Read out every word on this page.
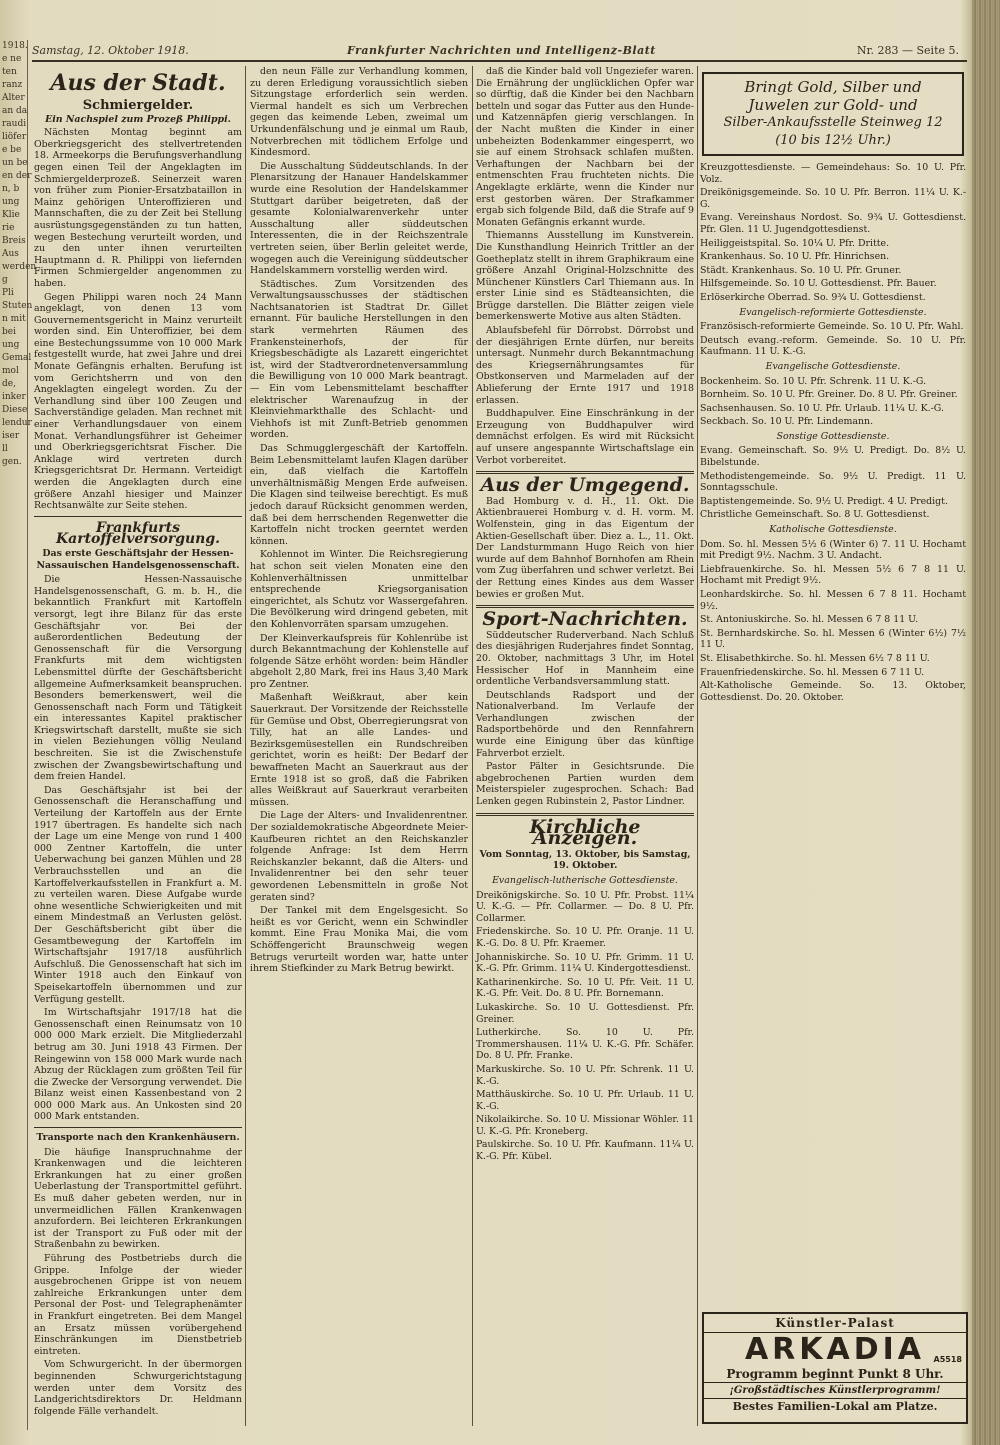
1918.
e ne
ten
ranz
Alter
an da
raudi
liöfer
e be
un be
en der
n, b
ung
Klie
rie
Breis
Aus
werden
g
Pli
Stuten
n mit
bei
ung
Gemal
mol
de,
inker
Diese
lendur
iser
ll
gen.
Samstag, 12. Oktober 1918.	Frankfurter Nachrichten und Intelligenz-Blatt	Nr. 283 — Seite 5.
Aus der Stadt.
Schmiergelder.
Ein Nachspiel zum Prozeß Philippi.

Nächsten Montag beginnt am Oberkriegsgericht des stellvertretenden 18. Armeekorps die Berufungsverhandlung gegen einen Teil der Angeklagten im Schmiergelderprozeß. Seinerzeit waren von früher zum Pionier-Ersatzbataillon in Mainz gehörigen Unteroffizieren und Mannschaften, die zu der Zeit bei Stellung ausrüstungsgegenständen zu tun hatten, wegen Bestechung verurteilt worden, und zu den unter ihnen verurteilten Hauptmann d. R. Philippi von liefernden Firmen Schmiergelder angenommen zu haben.

Gegen Philippi waren noch 24 Mann angeklagt, von denen 13 vom Gouvernementsgericht in Mainz verurteilt worden sind. Ein Unteroffizier, bei dem eine Bestechungssumme von 10 000 Mark festgestellt wurde, hat zwei Jahre und drei Monate Gefängnis erhalten. Berufung ist vom Gerichtsherrn und von den Angeklagten eingelegt worden. Zu der Verhandlung sind über 100 Zeugen und Sachverständige geladen. Man rechnet mit einer Verhandlungsdauer von einem Monat. Verhandlungsführer ist Geheimer und Oberkriegsgerichtsrat Fischer. Die Anklage wird vertreten durch Kriegsgerichtsrat Dr. Hermann. Verteidigt werden die Angeklagten durch eine größere Anzahl hiesiger und Mainzer Rechtsanwälte zur Seite stehen.

Frankfurts Kartoffelversorgung.
Das erste Geschäftsjahr der Hessen-Nassauischen Handelsgenossenschaft.

Die Hessen-Nassauische Handelsgenossenschaft, G. m. b. H., die bekanntlich Frankfurt mit Kartoffeln versorgt, legt ihre Bilanz für das erste Geschäftsjahr vor. Bei der außerordentlichen Bedeutung der Genossenschaft für die Versorgung Frankfurts mit dem wichtigsten Lebensmittel dürfte der Geschäftsbericht allgemeine Aufmerksamkeit beanspruchen. Besonders bemerkenswert, weil die Genossenschaft nach Form und Tätigkeit ein interessantes Kapitel praktischer Kriegswirtschaft darstellt, mußte sie sich in vielen Beziehungen völlig Neuland beschreiten. Sie ist die Zwischenstufe zwischen der Zwangsbewirtschaftung und dem freien Handel.

Das Geschäftsjahr ist bei der Genossenschaft die Heranschaffung und Verteilung der Kartoffeln aus der Ernte 1917 übertragen. Es handelte sich nach der Lage um eine Menge von rund 1 400 000 Zentner Kartoffeln, die unter Ueberwachung bei ganzen Mühlen und 28 Verbrauchsstellen und an die Kartoffelverkaufsstellen in Frankfurt a. M. zu verteilen waren. Diese Aufgabe wurde ohne wesentliche Schwierigkeiten und mit einem Mindestmaß an Verlusten gelöst. Der Geschäftsbericht gibt über die Gesamtbewegung der Kartoffeln im Wirtschaftsjahr 1917/18 ausführlich Aufschluß. Die Genossenschaft hat sich im Winter 1918 auch den Einkauf von Speisekartoffeln übernommen und zur Verfügung gestellt.

Im Wirtschaftsjahr 1917/18 hat die Genossenschaft einen Reinumsatz von 10 000 000 Mark erzielt. Die Mitgliederzahl betrug am 30. Juni 1918 43 Firmen. Der Reingewinn von 158 000 Mark wurde nach Abzug der Rücklagen zum größten Teil für die Zwecke der Versorgung verwendet. Die Bilanz weist einen Kassenbestand von 2 000 000 Mark aus. An Unkosten sind 20 000 Mark entstanden.

Transporte nach den Krankenhäusern.

Die häufige Inanspruchnahme der Krankenwagen und die leichteren Erkrankungen hat zu einer großen Ueberlastung der Transportmittel geführt. Es muß daher gebeten werden, nur in unvermeidlichen Fällen Krankenwagen anzufordern. Bei leichteren Erkrankungen ist der Transport zu Fuß oder mit der Straßenbahn zu bewirken.

Führung des Postbetriebs durch die Grippe. Infolge der wieder ausgebrochenen Grippe ist von neuem zahlreiche Erkrankungen unter dem Personal der Post- und Telegraphenämter in Frankfurt eingetreten. Bei dem Mangel an Ersatz müssen vorübergehend Einschränkungen im Dienstbetrieb eintreten.

Vom Schwurgericht. In der übermorgen beginnenden Schwurgerichtstagung werden unter dem Vorsitz des Landgerichtsdirektors Dr. Heldmann folgende Fälle verhandelt.

den neun Fälle zur Verhandlung kommen, zu deren Erledigung voraussichtlich sieben Sitzungstage erforderlich sein werden. Viermal handelt es sich um Verbrechen gegen das keimende Leben, zweimal um Urkundenfälschung und je einmal um Raub, Notverbrechen mit tödlichem Erfolge und Kindesmord.

Die Ausschaltung Süddeutschlands. In der Plenarsitzung der Hanauer Handelskammer wurde eine Resolution der Handelskammer Stuttgart darüber beigetreten, daß der gesamte Kolonialwarenverkehr unter Ausschaltung aller süddeutschen Interessenten, die in der Reichszentrale vertreten seien, über Berlin geleitet werde, wogegen auch die Vereinigung süddeutscher Handelskammern vorstellig werden wird.

Städtisches. Zum Vorsitzenden des Verwaltungsausschusses der städtischen Nachtsanatorien ist Stadtrat Dr. Gillet ernannt. Für bauliche Herstellungen in den stark vermehrten Räumen des Frankensteinerhofs, der für Kriegsbeschädigte als Lazarett eingerichtet ist, wird der Stadtverordnetenversammlung die Bewilligung von 10 000 Mark beantragt. — Ein vom Lebensmittelamt beschaffter elektrischer Warenaufzug in der Kleinviehmarkthalle des Schlacht- und Viehhofs ist mit Zunft-Betrieb genommen worden.

Das Schmugglergeschäft der Kartoffeln. Beim Lebensmittelamt laufen Klagen darüber ein, daß vielfach die Kartoffeln unverhältnismäßig Mengen Erde aufweisen. Die Klagen sind teilweise berechtigt. Es muß jedoch darauf Rücksicht genommen werden, daß bei dem herrschenden Regenwetter die Kartoffeln nicht trocken geerntet werden können.

Kohlennot im Winter. Die Reichsregierung hat schon seit vielen Monaten eine den Kohlenverhältnissen unmittelbar entsprechende Kriegsorganisation eingerichtet, als Schutz vor Wassergefahren. Die Bevölkerung wird dringend gebeten, mit den Kohlenvorräten sparsam umzugehen.

Der Kleinverkaufspreis für Kohlenrübe ist durch Bekanntmachung der Kohlenstelle auf folgende Sätze erhöht worden: beim Händler abgeholt 2,80 Mark, frei ins Haus 3,40 Mark pro Zentner.

Maßenhaft Weißkraut, aber kein Sauerkraut. Der Vorsitzende der Reichsstelle für Gemüse und Obst, Oberregierungsrat von Tilly, hat an alle Landes- und Bezirksgemüsestellen ein Rundschreiben gerichtet, worin es heißt: Der Bedarf der bewaffneten Macht an Sauerkraut aus der Ernte 1918 ist so groß, daß die Fabriken alles Weißkraut auf Sauerkraut verarbeiten müssen.

Die Lage der Alters- und Invalidenrentner. Der sozialdemokratische Abgeordnete Meier-Kaufbeuren richtet an den Reichskanzler folgende Anfrage: Ist dem Herrn Reichskanzler bekannt, daß die Alters- und Invalidenrentner bei den sehr teuer gewordenen Lebensmitteln in große Not geraten sind?

Der Tankel mit dem Engelsgesicht. So heißt es vor Gericht, wenn ein Schwindler kommt. Eine Frau Monika Mai, die vom Schöffengericht Braunschweig wegen Betrugs verurteilt worden war, hatte unter ihrem Stiefkinder zu Mark Betrug bewirkt.

daß die Kinder bald voll Ungeziefer waren. Die Ernährung der unglücklichen Opfer war so dürftig, daß die Kinder bei den Nachbarn betteln und sogar das Futter aus den Hunde- und Katzennäpfen gierig verschlangen. In der Nacht mußten die Kinder in einer unbeheizten Bodenkammer eingesperrt, wo sie auf einem Strohsack schlafen mußten. Verhaftungen der Nachbarn bei der entmenschten Frau fruchteten nichts. Die Angeklagte erklärte, wenn die Kinder nur erst gestorben wären. Der Strafkammer ergab sich folgende Bild, daß die Strafe auf 9 Monaten Gefängnis erkannt wurde.

Thiemanns Ausstellung im Kunstverein. Die Kunsthandlung Heinrich Trittler an der Goetheplatz stellt in ihrem Graphikraum eine größere Anzahl Original-Holzschnitte des Münchener Künstlers Carl Thiemann aus. In erster Linie sind es Städteansichten, die Brügge darstellen. Die Blätter zeigen viele bemerkenswerte Motive aus alten Städten.

Ablaufsbefehl für Dörrobst. Dörrobst und der diesjährigen Ernte dürfen, nur bereits untersagt. Nunmehr durch Bekanntmachung des Kriegsernährungsamtes für Obstkonserven und Marmeladen auf der Ablieferung der Ernte 1917 und 1918 erlassen.

Buddhapulver. Eine Einschränkung in der Erzeugung von Buddhapulver wird demnächst erfolgen. Es wird mit Rücksicht auf unsere angespannte Wirtschaftslage ein Verbot vorbereitet.

Aus der Umgegend.

Bad Homburg v. d. H., 11. Okt. Die Aktienbrauerei Homburg v. d. H. vorm. M. Wolfenstein, ging in das Eigentum der Aktien-Gesellschaft über. Diez a. L., 11. Okt. Der Landsturmmann Hugo Reich von hier wurde auf dem Bahnhof Bornhofen am Rhein vom Zug überfahren und schwer verletzt. Bei der Rettung eines Kindes aus dem Wasser bewies er großen Mut.

Sport-Nachrichten.

Süddeutscher Ruderverband. Nach Schluß des diesjährigen Ruderjahres findet Sonntag, 20. Oktober, nachmittags 3 Uhr, im Hotel Hessischer Hof in Mannheim eine ordentliche Verbandsversammlung statt.

Deutschlands Radsport und der Nationalverband. Im Verlaufe der Verhandlungen zwischen der Radsportbehörde und den Rennfahrern wurde eine Einigung über das künftige Fahrverbot erzielt.

Pastor Pälter in Gesichtsrunde. Die abgebrochenen Partien wurden dem Meisterspieler zugesprochen. Schach: Bad Lenken gegen Rubinstein 2, Pastor Lindner.

Kirchliche Anzeigen.
Vom Sonntag, 13. Oktober, bis Samstag, 19. Oktober.
Evangelisch-lutherische Gottesdienste.

Dreikönigskirche. So. 10 U. Pfr. Probst. 11¼ U. K.-G. — Pfr. Collarmer. — Do. 8 U. Pfr. Collarmer.

Friedenskirche. So. 10 U. Pfr. Oranje. 11 U. K.-G. Do. 8 U. Pfr. Kraemer.

Johanniskirche. So. 10 U. Pfr. Grimm. 11 U. K.-G. Pfr. Grimm. 11¼ U. Kindergottesdienst.

Katharinenkirche. So. 10 U. Pfr. Veit. 11 U. K.-G. Pfr. Veit. Do. 8 U. Pfr. Bornemann.

Lukaskirche. So. 10 U. Gottesdienst. Pfr. Greiner.

Lutherkirche. So. 10 U. Pfr. Trommershausen. 11¼ U. K.-G. Pfr. Schäfer. Do. 8 U. Pfr. Franke.

Markuskirche. So. 10 U. Pfr. Schrenk. 11 U. K.-G.

Matthäuskirche. So. 10 U. Pfr. Urlaub. 11 U. K.-G.

Nikolaikirche. So. 10 U. Missionar Wöhler. 11 U. K.-G. Pfr. Kroneberg.

Paulskirche. So. 10 U. Pfr. Kaufmann. 11¼ U. K.-G. Pfr. Kübel.

Bringt Gold, Silber und
Juwelen zur Gold- und
Silber-Ankaufsstelle Steinweg 12
(10 bis 12½ Uhr.)

Kreuzgottesdienste. — Gemeindehaus: So. 10 U. Pfr. Volz.

Dreikönigsgemeinde. So. 10 U. Pfr. Berron. 11¼ U. K.-G.

Evang. Vereinshaus Nordost. So. 9¾ U. Gottesdienst. Pfr. Glen. 11 U. Jugendgottesdienst.

Heiliggeistspital. So. 10¼ U. Pfr. Dritte.

Krankenhaus. So. 10 U. Pfr. Hinrichsen.

Städt. Krankenhaus. So. 10 U. Pfr. Gruner.

Hilfsgemeinde. So. 10 U. Gottesdienst. Pfr. Bauer.

Erlöserkirche Oberrad. So. 9¾ U. Gottesdienst.

Evangelisch-reformierte Gottesdienste.

Französisch-reformierte Gemeinde. So. 10 U. Pfr. Wahl.

Deutsch evang.-reform. Gemeinde. So. 10 U. Pfr. Kaufmann. 11 U. K.-G.

Evangelische Gottesdienste.

Bockenheim. So. 10 U. Pfr. Schrenk. 11 U. K.-G.

Bornheim. So. 10 U. Pfr. Greiner. Do. 8 U. Pfr. Greiner.

Sachsenhausen. So. 10 U. Pfr. Urlaub. 11¼ U. K.-G.

Seckbach. So. 10 U. Pfr. Lindemann.

Sonstige Gottesdienste.

Evang. Gemeinschaft. So. 9½ U. Predigt. Do. 8½ U. Bibelstunde.

Methodistengemeinde. So. 9½ U. Predigt. 11 U. Sonntagsschule.

Baptistengemeinde. So. 9½ U. Predigt. 4 U. Predigt.

Christliche Gemeinschaft. So. 8 U. Gottesdienst.

Katholische Gottesdienste.

Dom. So. hl. Messen 5½ 6 (Winter 6) 7. 11 U. Hochamt mit Predigt 9½. Nachm. 3 U. Andacht.

Liebfrauenkirche. So. hl. Messen 5½ 6 7 8 11 U. Hochamt mit Predigt 9½.

Leonhardskirche. So. hl. Messen 6 7 8 11. Hochamt 9½.

St. Antoniuskirche. So. hl. Messen 6 7 8 11 U.

St. Bernhardskirche. So. hl. Messen 6 (Winter 6½) 7½ 11 U.

St. Elisabethkirche. So. hl. Messen 6½ 7 8 11 U.

Frauenfriedenskirche. So. hl. Messen 6 7 11 U.

Alt-Katholische Gemeinde. So. 13. Oktober, Gottesdienst. Do. 20. Oktober.

Künstler-Palast
ARKADIA A5518
Programm beginnt Punkt 8 Uhr.
¡Großstädtisches Künstlerprogramm!
Bestes Familien-Lokal am Platze.
